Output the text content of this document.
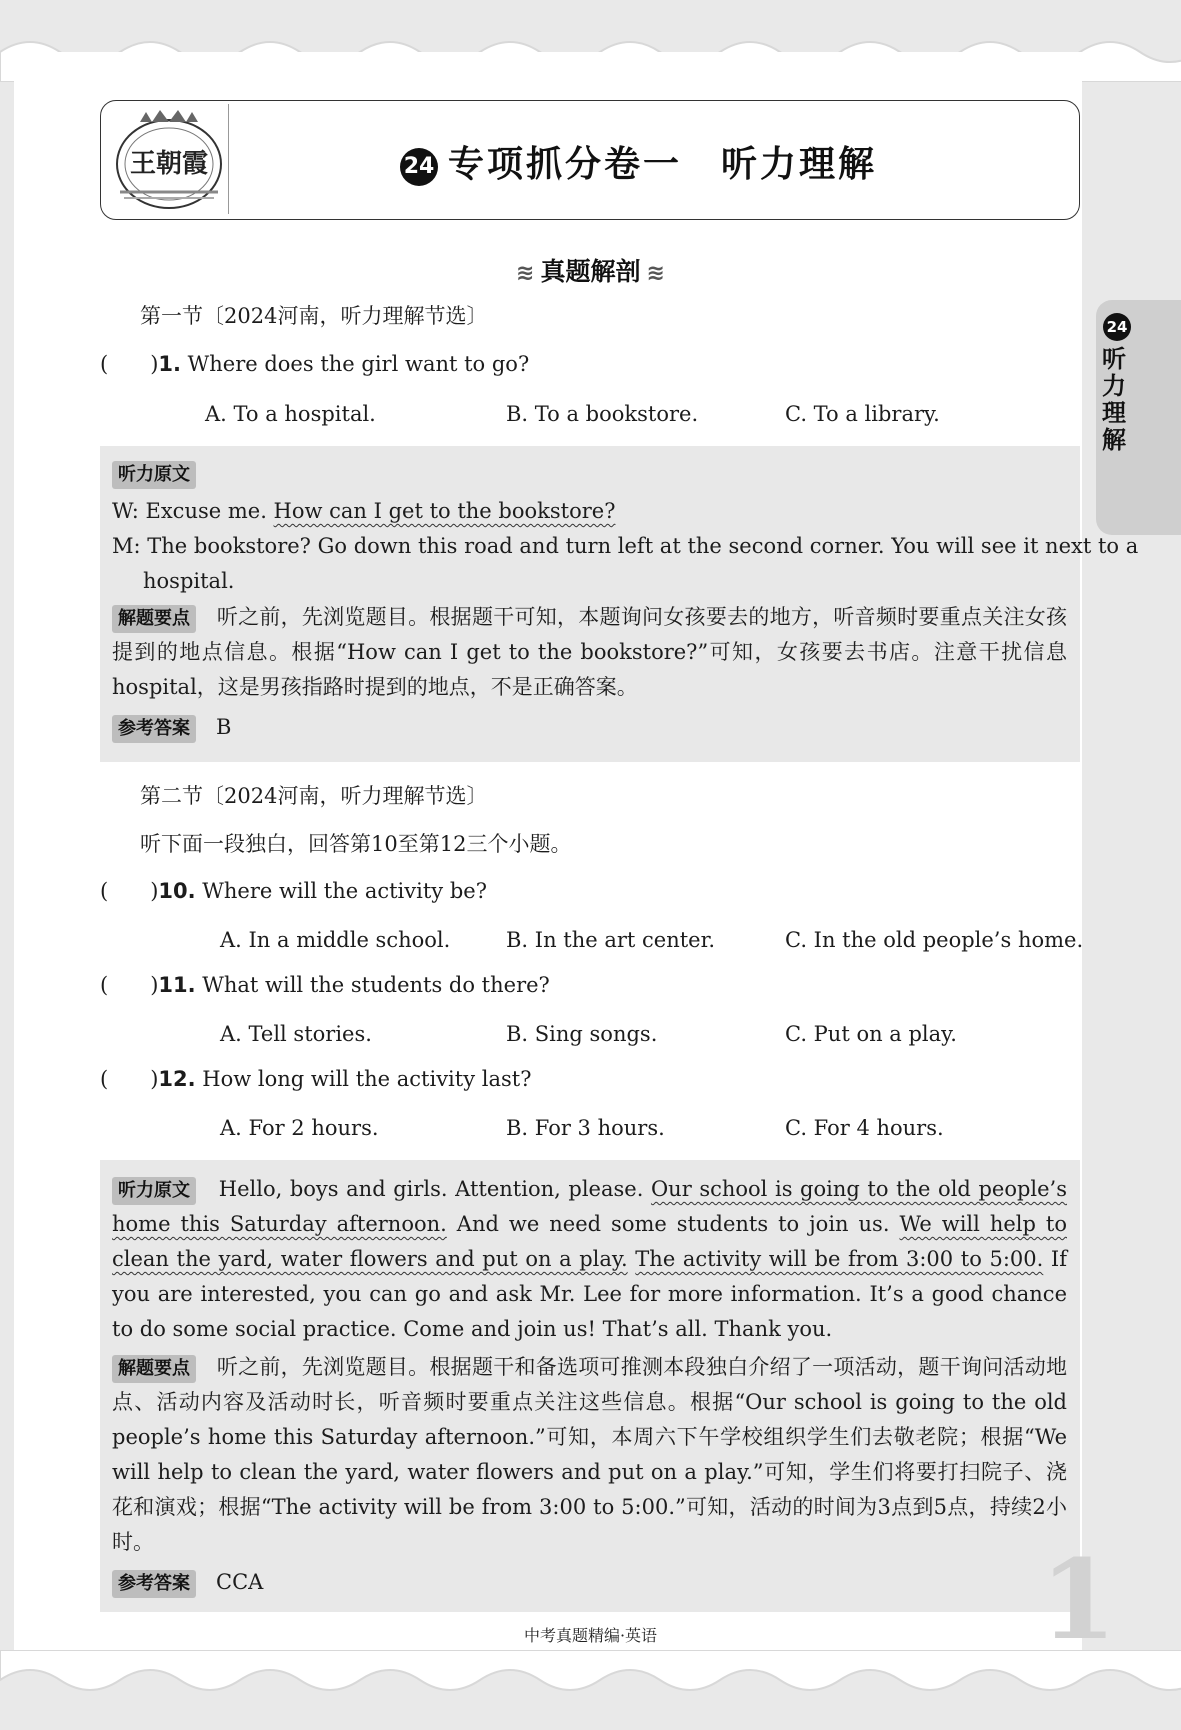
王朝霞	24 专项抓分卷一　听力理解
≋ 真题解剖 ≋
24
听力理解
第一节〔2024河南，听力理解节选〕
(　　)1. Where does the girl want to go?
A. To a hospital.	B. To a bookstore.	C. To a library.
听力原文
W: Excuse me. How can I get to the bookstore?
M: The bookstore? Go down this road and turn left at the second corner. You will see it next to a
hospital.
解题要点 听之前，先浏览题目。根据题干可知，本题询问女孩要去的地方，听音频时要重点关注女孩提到的地点信息。根据“How can I get to the bookstore?”可知，女孩要去书店。注意干扰信息hospital，这是男孩指路时提到的地点，不是正确答案。
参考答案 B
第二节〔2024河南，听力理解节选〕
听下面一段独白，回答第10至第12三个小题。
(　　)10. Where will the activity be?
A. In a middle school.	B. In the art center.	C. In the old people’s home.
(　　)11. What will the students do there?
A. Tell stories.	B. Sing songs.	C. Put on a play.
(　　)12. How long will the activity last?
A. For 2 hours.	B. For 3 hours.	C. For 4 hours.
听力原文 Hello, boys and girls. Attention, please. Our school is going to the old people’s home this Saturday afternoon. And we need some students to join us. We will help to clean the yard, water flowers and put on a play. The activity will be from 3:00 to 5:00. If you are interested, you can go and ask Mr. Lee for more information. It’s a good chance to do some social practice. Come and join us! That’s all. Thank you.
解题要点 听之前，先浏览题目。根据题干和备选项可推测本段独白介绍了一项活动，题干询问活动地点、活动内容及活动时长，听音频时要重点关注这些信息。根据“Our school is going to the old people’s home this Saturday afternoon.”可知，本周六下午学校组织学生们去敬老院；根据“We will help to clean the yard, water flowers and put on a play.”可知，学生们将要打扫院子、浇花和演戏；根据“The activity will be from 3:00 to 5:00.”可知，活动的时间为3点到5点，持续2小时。
参考答案 CCA	1
中考真题精编·英语
